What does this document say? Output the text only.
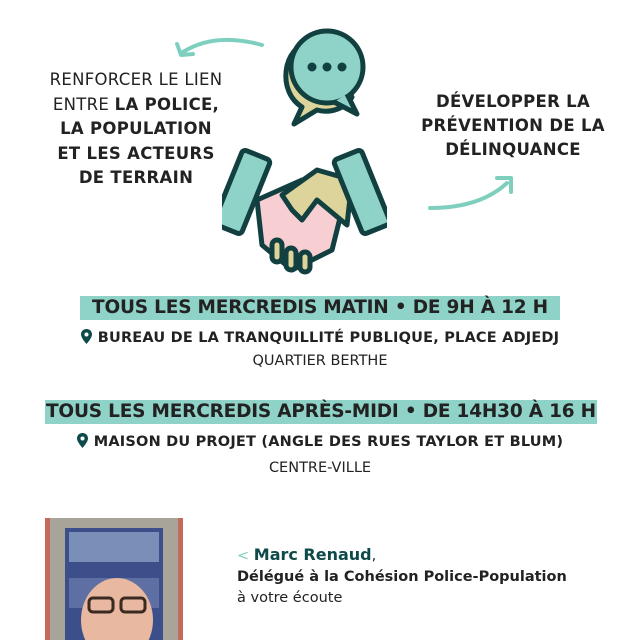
RENFORCER LE LIEN
ENTRE LA POLICE,
LA POPULATION
ET LES ACTEURS
DE TERRAIN
DÉVELOPPER LA
PRÉVENTION DE LA
DÉLINQUANCE
TOUS LES MERCREDIS MATIN • DE 9H À 12 H
BUREAU DE LA TRANQUILLITÉ PUBLIQUE, PLACE ADJEDJ
QUARTIER BERTHE
TOUS LES MERCREDIS APRÈS-MIDI • DE 14H30 À 16 H
MAISON DU PROJET (ANGLE DES RUES TAYLOR ET BLUM)
CENTRE-VILLE
< Marc Renaud,
Délégué à la Cohésion Police-Population
à votre écoute
